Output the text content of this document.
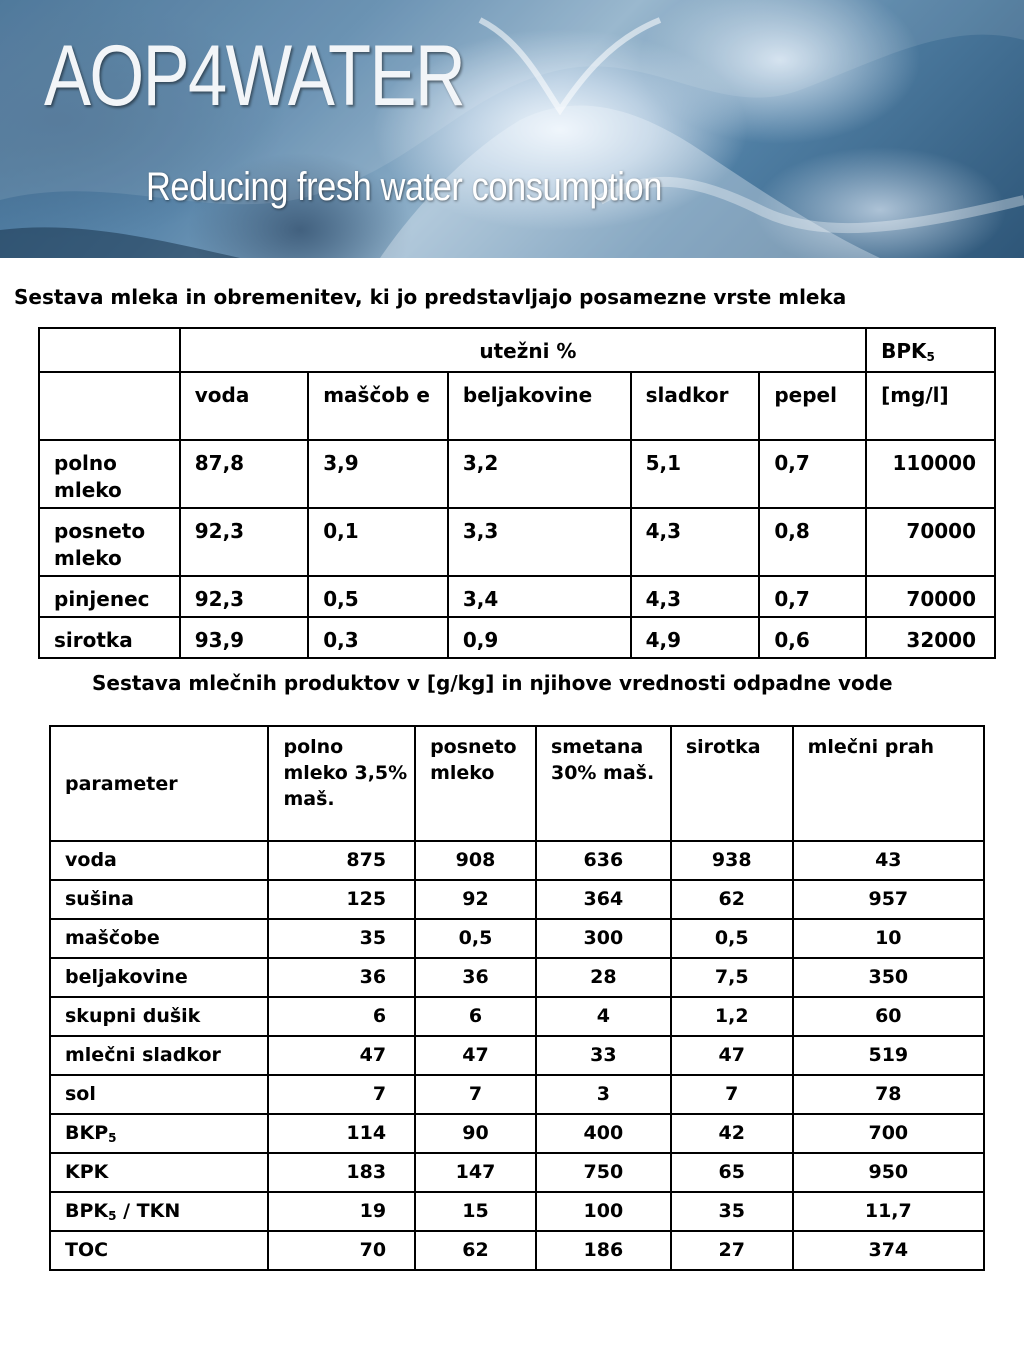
AOP4WATER
Reducing fresh water consumption
Sestava mleka in obremenitev, ki jo predstavljajo posamezne vrste mleka
	utežni %					$BPK_5$
	voda	maščob e	beljakovine	sladkor	pepel	[mg/l]
polno mleko	87,8	3,9	3,2	5,1	0,7	110000
posneto mleko	92,3	0,1	3,3	4,3	0,8	70000
pinjenec	92,3	0,5	3,4	4,3	0,7	70000
sirotka	93,9	0,3	0,9	4,9	0,6	32000
Sestava mlečnih produktov v [g/kg] in njihove vrednosti odpadne vode
parameter	polno mleko 3,5% maš.	posneto mleko	smetana 30% maš.	sirotka	mlečni prah
voda	875	908	636	938	43
sušina	125	92	364	62	957
maščobe	35	0,5	300	0,5	10
beljakovine	36	36	28	7,5	350
skupni dušik	6	6	4	1,2	60
mlečni sladkor	47	47	33	47	519
sol	7	7	3	7	78
$BKP_5$	114	90	400	42	700
KPK	183	147	750	65	950
$BPK_5$ / TKN	19	15	100	35	11,7
TOC	70	62	186	27	374
